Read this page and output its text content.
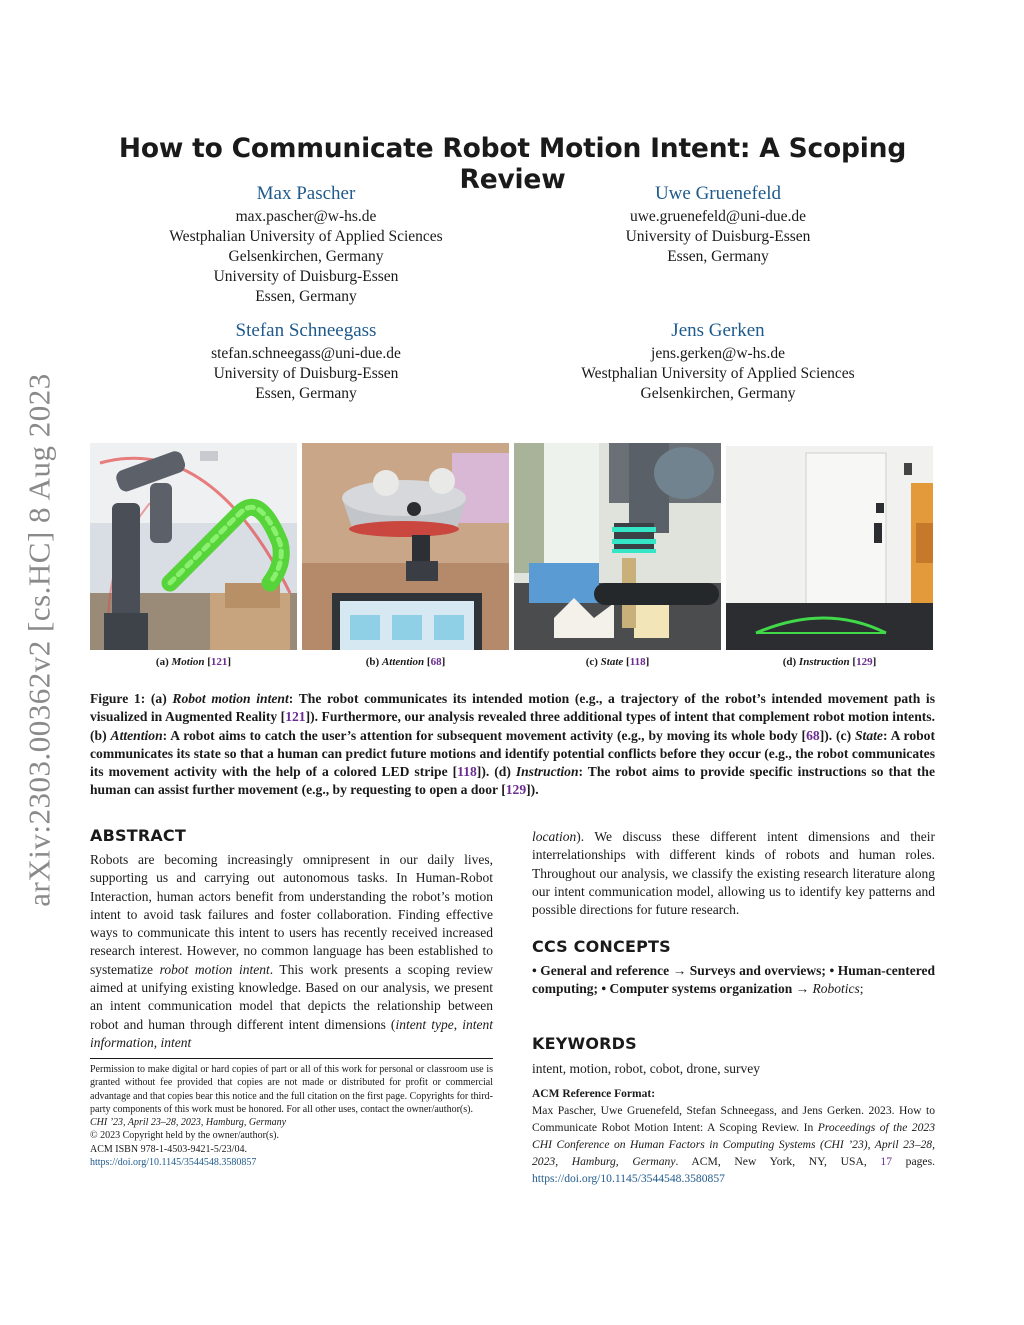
arXiv:2303.00362v2 [cs.HC] 8 Aug 2023
How to Communicate Robot Motion Intent: A Scoping Review
Max Pascher
max.pascher@w-hs.de
Westphalian University of Applied Sciences
Gelsenkirchen, Germany
University of Duisburg-Essen
Essen, Germany
Uwe Gruenefeld
uwe.gruenefeld@uni-due.de
University of Duisburg-Essen
Essen, Germany
Stefan Schneegass
stefan.schneegass@uni-due.de
University of Duisburg-Essen
Essen, Germany
Jens Gerken
jens.gerken@w-hs.de
Westphalian University of Applied Sciences
Gelsenkirchen, Germany
(a) Motion [121]	(b) Attention [68]	(c) State [118]	(d) Instruction [129]

Figure 1: (a) Robot motion intent: The robot communicates its intended motion (e.g., a trajectory of the robot’s intended movement path is visualized in Augmented Reality [121]). Furthermore, our analysis revealed three additional types of intent that complement robot motion intents. (b) Attention: A robot aims to catch the user’s attention for subsequent movement activity (e.g., by moving its whole body [68]). (c) State: A robot communicates its state so that a human can predict future motions and identify potential conflicts before they occur (e.g., the robot communicates its movement activity with the help of a colored LED stripe [118]). (d) Instruction: The robot aims to provide specific instructions so that the human can assist further movement (e.g., by requesting to open a door [129]).

ABSTRACT

Robots are becoming increasingly omnipresent in our daily lives, supporting us and carrying out autonomous tasks. In Human-Robot Interaction, human actors benefit from understanding the robot’s motion intent to avoid task failures and foster collaboration. Finding effective ways to communicate this intent to users has recently received increased research interest. However, no common language has been established to systematize robot motion intent. This work presents a scoping review aimed at unifying existing knowledge. Based on our analysis, we present an intent communication model that depicts the relationship between robot and human through different intent dimensions (intent type, intent information, intent

Permission to make digital or hard copies of part or all of this work for personal or classroom use is granted without fee provided that copies are not made or distributed for profit or commercial advantage and that copies bear this notice and the full citation on the first page. Copyrights for third-party components of this work must be honored. For all other uses, contact the owner/author(s).
CHI ’23, April 23–28, 2023, Hamburg, Germany
© 2023 Copyright held by the owner/author(s).
ACM ISBN 978-1-4503-9421-5/23/04.
https://doi.org/10.1145/3544548.3580857

location). We discuss these different intent dimensions and their interrelationships with different kinds of robots and human roles. Throughout our analysis, we classify the existing research literature along our intent communication model, allowing us to identify key patterns and possible directions for future research.

CCS CONCEPTS

• General and reference → Surveys and overviews; • Human-centered computing; • Computer systems organization → Robotics;

KEYWORDS

intent, motion, robot, cobot, drone, survey

ACM Reference Format:

Max Pascher, Uwe Gruenefeld, Stefan Schneegass, and Jens Gerken. 2023. How to Communicate Robot Motion Intent: A Scoping Review. In Proceedings of the 2023 CHI Conference on Human Factors in Computing Systems (CHI ’23), April 23–28, 2023, Hamburg, Germany. ACM, New York, NY, USA, 17 pages. https://doi.org/10.1145/3544548.3580857
